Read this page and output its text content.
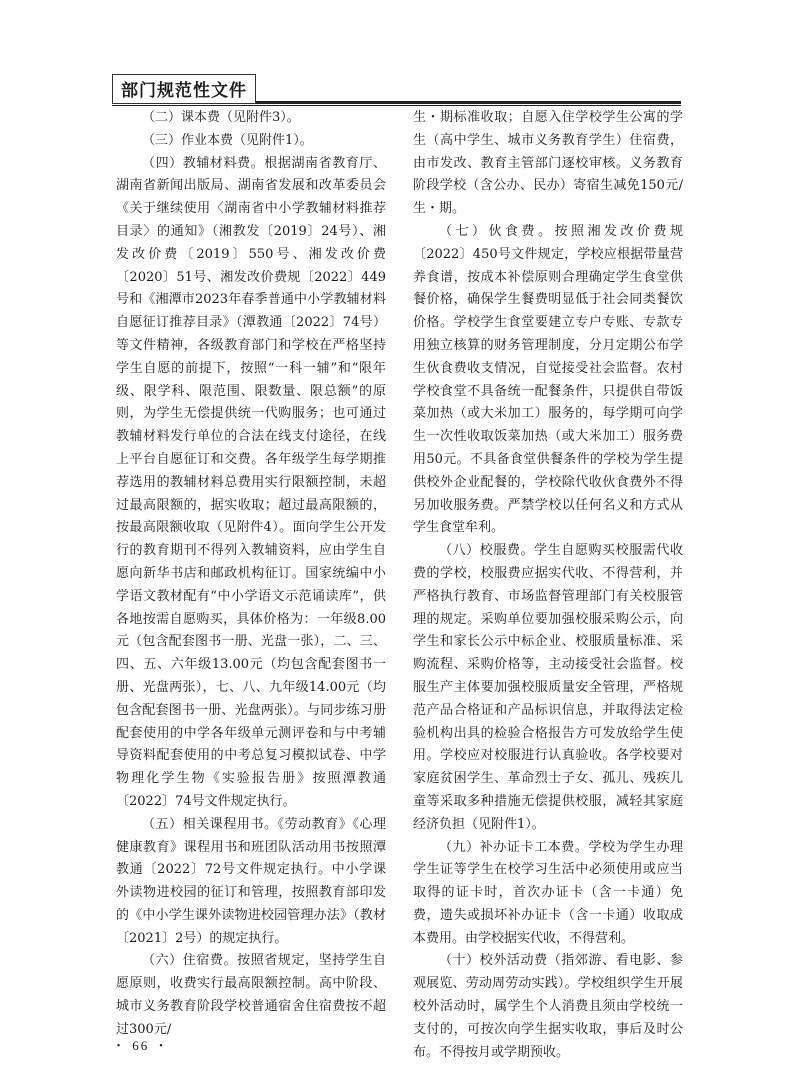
部门规范性文件

（二）课本费（见附件3）。

（三）作业本费（见附件1）。

（四）教辅材料费。根据湖南省教育厅、湖南省新闻出版局、湖南省发展和改革委员会《关于继续使用〈湖南省中小学教辅材料推荐目录〉的通知》（湘教发〔2019〕24号）、湘发改价费〔2019〕550号、湘发改价费〔2020〕51号、湘发改价费规〔2022〕449号和《湘潭市2023年春季普通中小学教辅材料自愿征订推荐目录》（潭教通〔2022〕74号）等文件精神，各级教育部门和学校在严格坚持学生自愿的前提下，按照“一科一辅”和“限年级、限学科、限范围、限数量、限总额”的原则，为学生无偿提供统一代购服务；也可通过教辅材料发行单位的合法在线支付途径，在线上平台自愿征订和交费。各年级学生每学期推荐选用的教辅材料总费用实行限额控制，未超过最高限额的，据实收取；超过最高限额的，按最高限额收取（见附件4）。面向学生公开发行的教育期刊不得列入教辅资料，应由学生自愿向新华书店和邮政机构征订。国家统编中小学语文教材配有“中小学语文示范诵读库”，供各地按需自愿购买，具体价格为：一年级8.00元（包含配套图书一册、光盘一张），二、三、四、五、六年级13.00元（均包含配套图书一册、光盘两张），七、八、九年级14.00元（均包含配套图书一册、光盘两张）。与同步练习册配套使用的中学各年级单元测评卷和与中考辅导资料配套使用的中考总复习模拟试卷、中学物理化学生物《实验报告册》按照潭教通〔2022〕74号文件规定执行。

（五）相关课程用书。《劳动教育》《心理健康教育》课程用书和班团队活动用书按照潭教通〔2022〕72号文件规定执行。中小学课外读物进校园的征订和管理，按照教育部印发的《中小学生课外读物进校园管理办法》（教材〔2021〕2号）的规定执行。

（六）住宿费。按照省规定，坚持学生自愿原则，收费实行最高限额控制。高中阶段、城市义务教育阶段学校普通宿舍住宿费按不超过300元/

生・期标准收取；自愿入住学校学生公寓的学生（高中学生、城市义务教育学生）住宿费，由市发改、教育主管部门逐校审核。义务教育阶段学校（含公办、民办）寄宿生减免150元/生・期。

（七）伙食费。按照湘发改价费规〔2022〕450号文件规定，学校应根据带量营养食谱，按成本补偿原则合理确定学生食堂供餐价格，确保学生餐费明显低于社会同类餐饮价格。学校学生食堂要建立专户专账、专款专用独立核算的财务管理制度，分月定期公布学生伙食费收支情况，自觉接受社会监督。农村学校食堂不具备统一配餐条件，只提供自带饭菜加热（或大米加工）服务的，每学期可向学生一次性收取饭菜加热（或大米加工）服务费用50元。不具备食堂供餐条件的学校为学生提供校外企业配餐的，学校除代收伙食费外不得另加收服务费。严禁学校以任何名义和方式从学生食堂牟利。

（八）校服费。学生自愿购买校服需代收费的学校，校服费应据实代收、不得营利，并严格执行教育、市场监督管理部门有关校服管理的规定。采购单位要加强校服采购公示，向学生和家长公示中标企业、校服质量标准、采购流程、采购价格等，主动接受社会监督。校服生产主体要加强校服质量安全管理，严格规范产品合格证和产品标识信息，并取得法定检验机构出具的检验合格报告方可发放给学生使用。学校应对校服进行认真验收。各学校要对家庭贫困学生、革命烈士子女、孤儿、残疾儿童等采取多种措施无偿提供校服，减轻其家庭经济负担（见附件1）。

（九）补办证卡工本费。学校为学生办理学生证等学生在校学习生活中必须使用或应当取得的证卡时，首次办证卡（含一卡通）免费，遗失或损坏补办证卡（含一卡通）收取成本费用。由学校据实代收，不得营利。

（十）校外活动费（指郊游、看电影、参观展览、劳动周劳动实践）。学校组织学生开展校外活动时，属学生个人消费且须由学校统一支付的，可按次向学生据实收取，事后及时公布。不得按月或学期预收。

・ 66 ・
